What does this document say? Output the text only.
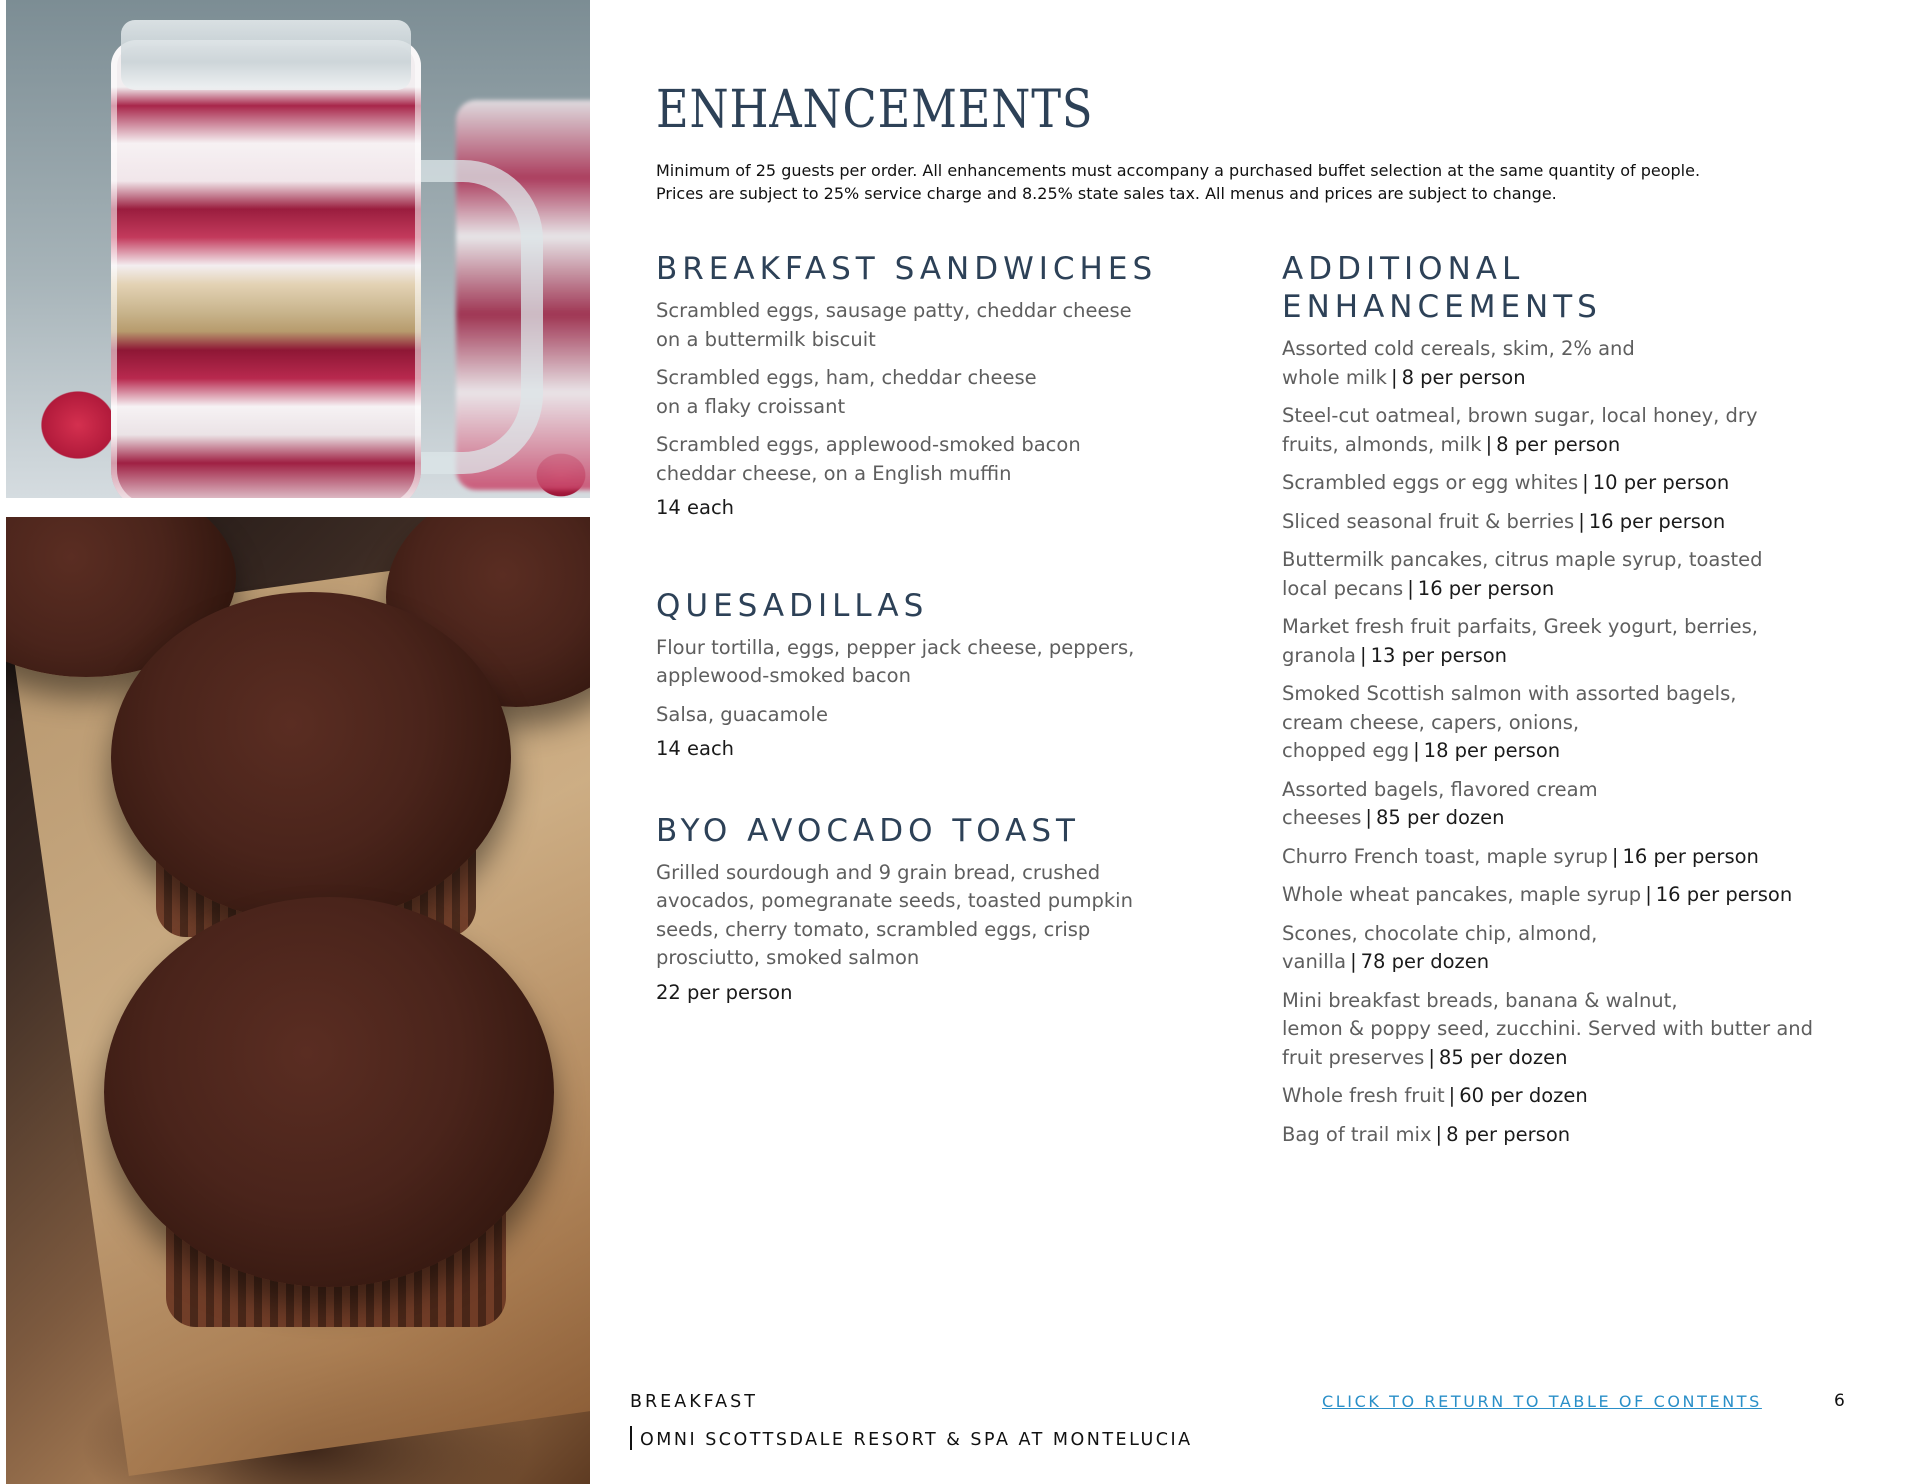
ENHANCEMENTS
Minimum of 25 guests per order. All enhancements must accompany a purchased buffet selection at the same quantity of people.
Prices are subject to 25% service charge and 8.25% state sales tax. All menus and prices are subject to change.
BREAKFAST SANDWICHES

Scrambled eggs, sausage patty, cheddar cheese

on a buttermilk biscuit

Scrambled eggs, ham, cheddar cheese

on a flaky croissant

Scrambled eggs, applewood-smoked bacon

cheddar cheese, on a English muffin

14 each

QUESADILLAS

Flour tortilla, eggs, pepper jack cheese, peppers,

applewood-smoked bacon

Salsa, guacamole

14 each

BYO AVOCADO TOAST

Grilled sourdough and 9 grain bread, crushed

avocados, pomegranate seeds, toasted pumpkin

seeds, cherry tomato, scrambled eggs, crisp

prosciutto, smoked salmon

22 per person

ADDITIONAL
ENHANCEMENTS

Assorted cold cereals, skim, 2% and

whole milk | 8 per person

Steel-cut oatmeal, brown sugar, local honey, dry

fruits, almonds, milk | 8 per person

Scrambled eggs or egg whites | 10 per person

Sliced seasonal fruit & berries | 16 per person

Buttermilk pancakes, citrus maple syrup, toasted

local pecans | 16 per person

Market fresh fruit parfaits, Greek yogurt, berries,

granola | 13 per person

Smoked Scottish salmon with assorted bagels,

cream cheese, capers, onions,

chopped egg | 18 per person

Assorted bagels, flavored cream

cheeses | 85 per dozen

Churro French toast, maple syrup | 16 per person

Whole wheat pancakes, maple syrup | 16 per person

Scones, chocolate chip, almond,

vanilla | 78 per dozen

Mini breakfast breads, banana & walnut,

lemon & poppy seed, zucchini. Served with butter and

fruit preserves | 85 per dozen

Whole fresh fruit | 60 per dozen

Bag of trail mix | 8 per person

BREAKFAST
OMNI SCOTTSDALE RESORT & SPA AT MONTELUCIA
CLICK TO RETURN TO TABLE OF CONTENTS	6
